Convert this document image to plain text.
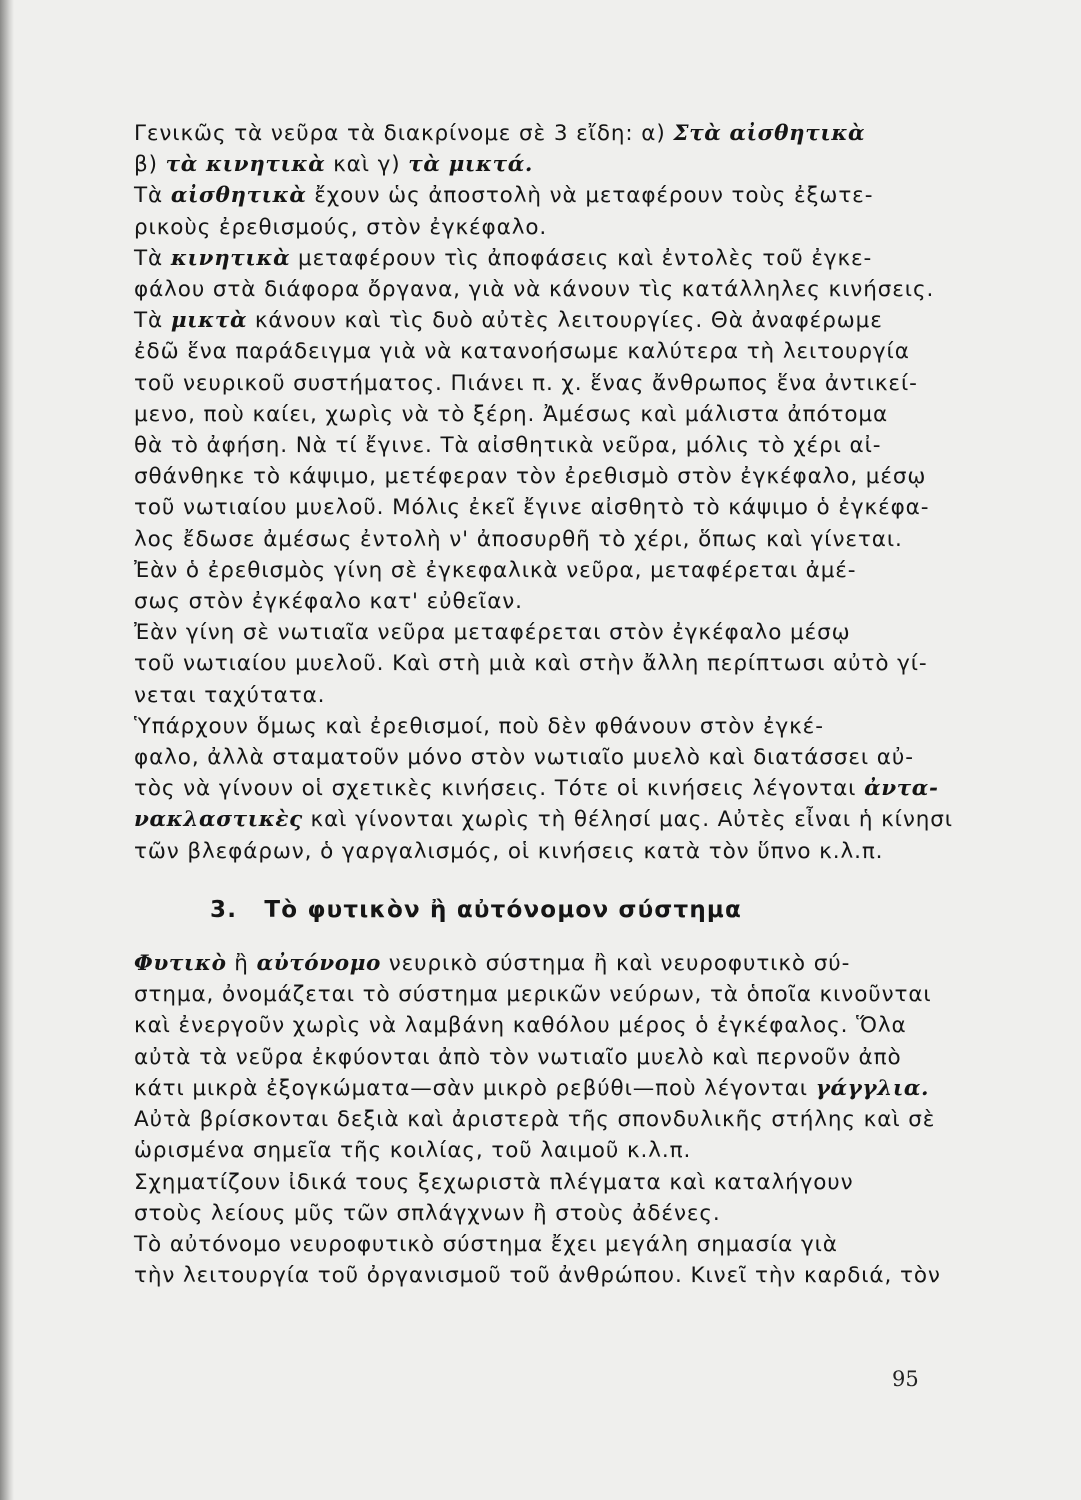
Γενικῶς τὰ νεῦρα τὰ διακρίνομε σὲ 3 εἴδη: α) Στὰ αἰσθητικὰ
β) τὰ κινητικὰ καὶ γ) τὰ μικτά.
Τὰ αἰσθητικὰ ἔχουν ὡς ἀποστολὴ νὰ μεταφέρουν τοὺς ἐξωτε-
ρικοὺς ἐρεθισμούς, στὸν ἐγκέφαλο.
Τὰ κινητικὰ μεταφέρουν τὶς ἀποφάσεις καὶ ἐντολὲς τοῦ ἐγκε-
φάλου στὰ διάφορα ὄργανα, γιὰ νὰ κάνουν τὶς κατάλληλες κινήσεις.
Τὰ μικτὰ κάνουν καὶ τὶς δυὸ αὐτὲς λειτουργίες. Θὰ ἀναφέρωμε
ἐδῶ ἕνα παράδειγμα γιὰ νὰ κατανοήσωμε καλύτερα τὴ λειτουργία
τοῦ νευρικοῦ συστήματος. Πιάνει π. χ. ἕνας ἄνθρωπος ἕνα ἀντικεί-
μενο, ποὺ καίει, χωρὶς νὰ τὸ ξέρη. Ἀμέσως καὶ μάλιστα ἀπότομα
θὰ τὸ ἀφήση. Νὰ τί ἔγινε. Τὰ αἰσθητικὰ νεῦρα, μόλις τὸ χέρι αἰ-
σθάνθηκε τὸ κάψιμο, μετέφεραν τὸν ἐρεθισμὸ στὸν ἐγκέφαλο, μέσῳ
τοῦ νωτιαίου μυελοῦ. Μόλις ἐκεῖ ἔγινε αἰσθητὸ τὸ κάψιμο ὁ ἐγκέφα-
λος ἔδωσε ἀμέσως ἐντολὴ ν' ἀποσυρθῆ τὸ χέρι, ὅπως καὶ γίνεται.
Ἐὰν ὁ ἐρεθισμὸς γίνη σὲ ἐγκεφαλικὰ νεῦρα, μεταφέρεται ἀμέ-
σως στὸν ἐγκέφαλο κατ' εὐθεῖαν.
Ἐὰν γίνη σὲ νωτιαῖα νεῦρα μεταφέρεται στὸν ἐγκέφαλο μέσῳ
τοῦ νωτιαίου μυελοῦ. Καὶ στὴ μιὰ καὶ στὴν ἄλλη περίπτωσι αὐτὸ γί-
νεται ταχύτατα.
Ὑπάρχουν ὅμως καὶ ἐρεθισμοί, ποὺ δὲν φθάνουν στὸν ἐγκέ-
φαλο, ἀλλὰ σταματοῦν μόνο στὸν νωτιαῖο μυελὸ καὶ διατάσσει αὐ-
τὸς νὰ γίνουν οἱ σχετικὲς κινήσεις. Τότε οἱ κινήσεις λέγονται ἀντα-
νακλαστικὲς καὶ γίνονται χωρὶς τὴ θέλησί μας. Αὐτὲς εἶναι ἡ κίνησι
τῶν βλεφάρων, ὁ γαργαλισμός, οἱ κινήσεις κατὰ τὸν ὕπνο κ.λ.π.
3. Τὸ φυτικὸν ἢ αὐτόνομον σύστημα
Φυτικὸ ἢ αὐτόνομο νευρικὸ σύστημα ἢ καὶ νευροφυτικὸ σύ-
στημα, ὀνομάζεται τὸ σύστημα μερικῶν νεύρων, τὰ ὁποῖα κινοῦνται
καὶ ἐνεργοῦν χωρὶς νὰ λαμβάνη καθόλου μέρος ὁ ἐγκέφαλος. Ὅλα
αὐτὰ τὰ νεῦρα ἐκφύονται ἀπὸ τὸν νωτιαῖο μυελὸ καὶ περνοῦν ἀπὸ
κάτι μικρὰ ἐξογκώματα—σὰν μικρὸ ρεβύθι—ποὺ λέγονται γάγγλια.
Αὐτὰ βρίσκονται δεξιὰ καὶ ἀριστερὰ τῆς σπονδυλικῆς στήλης καὶ σὲ
ὡρισμένα σημεῖα τῆς κοιλίας, τοῦ λαιμοῦ κ.λ.π.
Σχηματίζουν ἰδικά τους ξεχωριστὰ πλέγματα καὶ καταλήγουν
στοὺς λείους μῦς τῶν σπλάγχνων ἢ στοὺς ἀδένες.
Τὸ αὐτόνομο νευροφυτικὸ σύστημα ἔχει μεγάλη σημασία γιὰ
τὴν λειτουργία τοῦ ὀργανισμοῦ τοῦ ἀνθρώπου. Κινεῖ τὴν καρδιά, τὸν
95
